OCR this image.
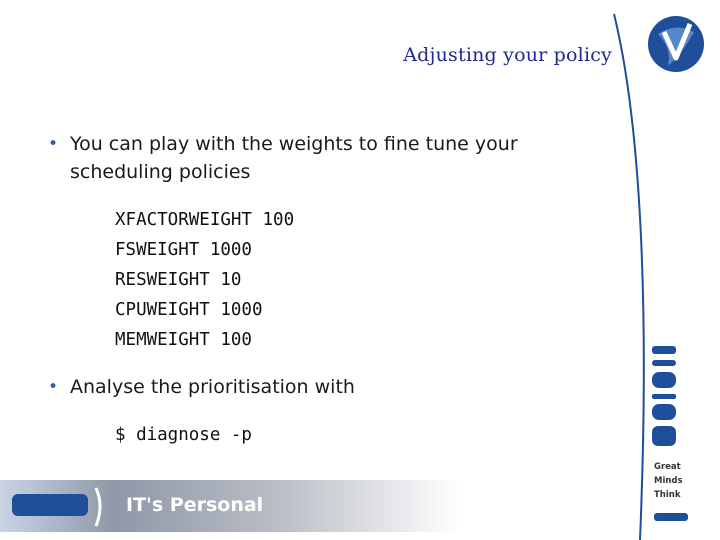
Adjusting your policy
• You can play with the weights to fine tune your scheduling policies
XFACTORWEIGHT 100
FSWEIGHT 1000
RESWEIGHT 10
CPUWEIGHT 1000
MEMWEIGHT 100
• Analyse the prioritisation with
$ diagnose -p
Great
Minds
Think
IT's Personal
